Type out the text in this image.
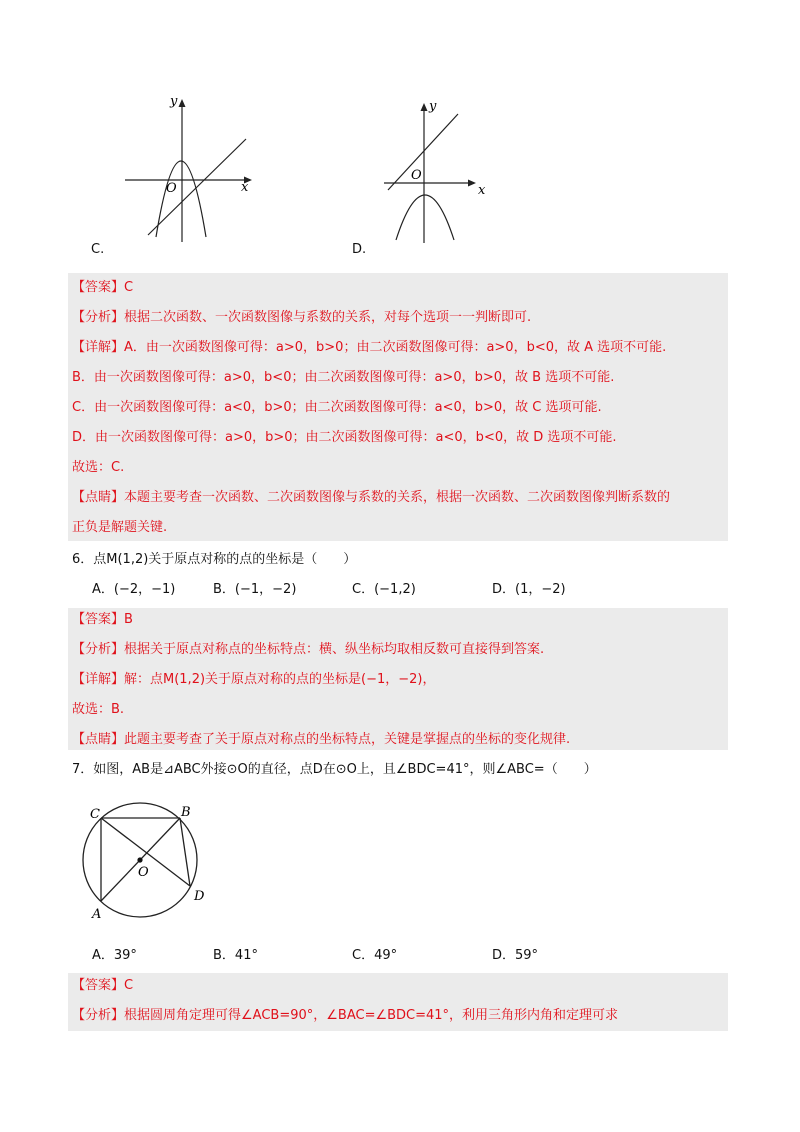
y
x
O
C.
y
x
O
D.
【答案】C
【分析】根据二次函数、一次函数图像与系数的关系，对每个选项一一判断即可.
【详解】A．由一次函数图像可得：a>0，b>0；由二次函数图像可得：a>0，b<0，故 A 选项不可能.
B．由一次函数图像可得：a>0，b<0；由二次函数图像可得：a>0，b>0，故 B 选项不可能.
C．由一次函数图像可得：a<0，b>0；由二次函数图像可得：a<0，b>0，故 C 选项可能.
D．由一次函数图像可得：a>0，b>0；由二次函数图像可得：a<0，b<0，故 D 选项不可能.
故选：C.
【点睛】本题主要考查一次函数、二次函数图像与系数的关系，根据一次函数、二次函数图像判断系数的
正负是解题关键.
6．点M(1,2)关于原点对称的点的坐标是（　　）
A．(−2，−1)	B．(−1，−2)	C．(−1,2)	D．(1，−2)
【答案】B
【分析】根据关于原点对称点的坐标特点：横、纵坐标均取相反数可直接得到答案.
【详解】解：点M(1,2)关于原点对称的点的坐标是(−1，−2)，
故选：B.
【点睛】此题主要考查了关于原点对称点的坐标特点，关键是掌握点的坐标的变化规律.
7．如图，AB是⊿ABC外接⊙O的直径，点D在⊙O上，且∠BDC=41°，则∠ABC=（　　）
C	B
O
A
D
A．39°	B．41°	C．49°	D．59°
【答案】C
【分析】根据圆周角定理可得∠ACB=90°，∠BAC=∠BDC=41°，利用三角形内角和定理可求
